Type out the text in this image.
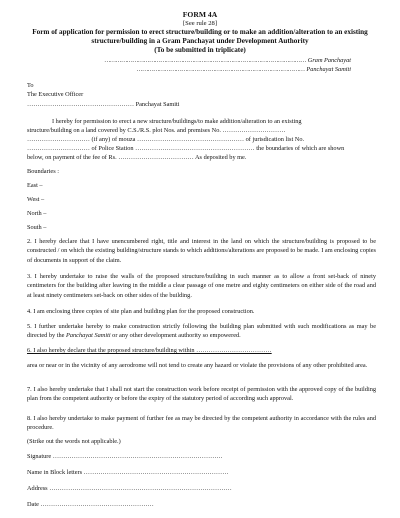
FORM 4A
[See rule 28]
Form of application for permission to erect structure/building or to make an addition/alteration to an existing
structure/building in a Gram Panchayat under Development Authority
(To be submitted in triplicate)
……………………………………………………………………………………………… Gram Panchayat
……………………………………………………………………………… Panchayat Samiti
To
The Executive Officer
…………………………………………… Panchayat Samiti
I hereby for permission to erect a new structure/buildings/to make addition/alteration to an existing
structure/building on a land covered by C.S./R.S. plot Nos. and premises No. …………………………
………………………… (if any) of mouza …………………………………………… of jurisdication list No.
………………………… of Police Station ………………………………………………… the boundaries of which are shown
below, on payment of the fee of Rs. ……………………………… As deposited by me.
Boundaries :
East –
West –
North –
South –
2. I hereby declare that I have unencumbered right, title and interest in the land on which the structure/building is proposed to be constructed / on which the existing building/structure stands to which additions/alterations are proposed to be made. I am enclosing copies of documents in support of the claim.
3. I hereby undertake to raise the walls of the proposed structure/building in such manner as to allow a front set-back of ninety centimeters for the building after leaving in the middle a clear passage of one metre and eighty centimeters on either side of the road and at least ninety centimeters set-back on other sides of the building.
4. I am enclosing three copies of site plan and building plan for the proposed construction.
5. I further undertake hereby to make construction strictly following the building plan submitted with such modifications as may be directed by the Panchayat Samiti or any other development authority so empowered.
6. I also hereby declare that the proposed structure/building within ………………………………
area or near or in the vicinity of any aerodrome will not tend to create any hazard or violate the provisions of any other prohibited area.
7. I also hereby undertake that I shall not start the construction work before receipt of permission with the approved copy of the building plan from the competent authority or before the expiry of the statutory period of according such approval.
8. I also hereby undertake to make payment of further fee as may be directed by the competent authority in accordance with the rules and procedure.
(Strike out the words not applicable.)
Signature ………………………………………………………………………
Name in Block letters ……………………………………………………………
Address ……………………………………………………………………………
Date ………………………………………………
